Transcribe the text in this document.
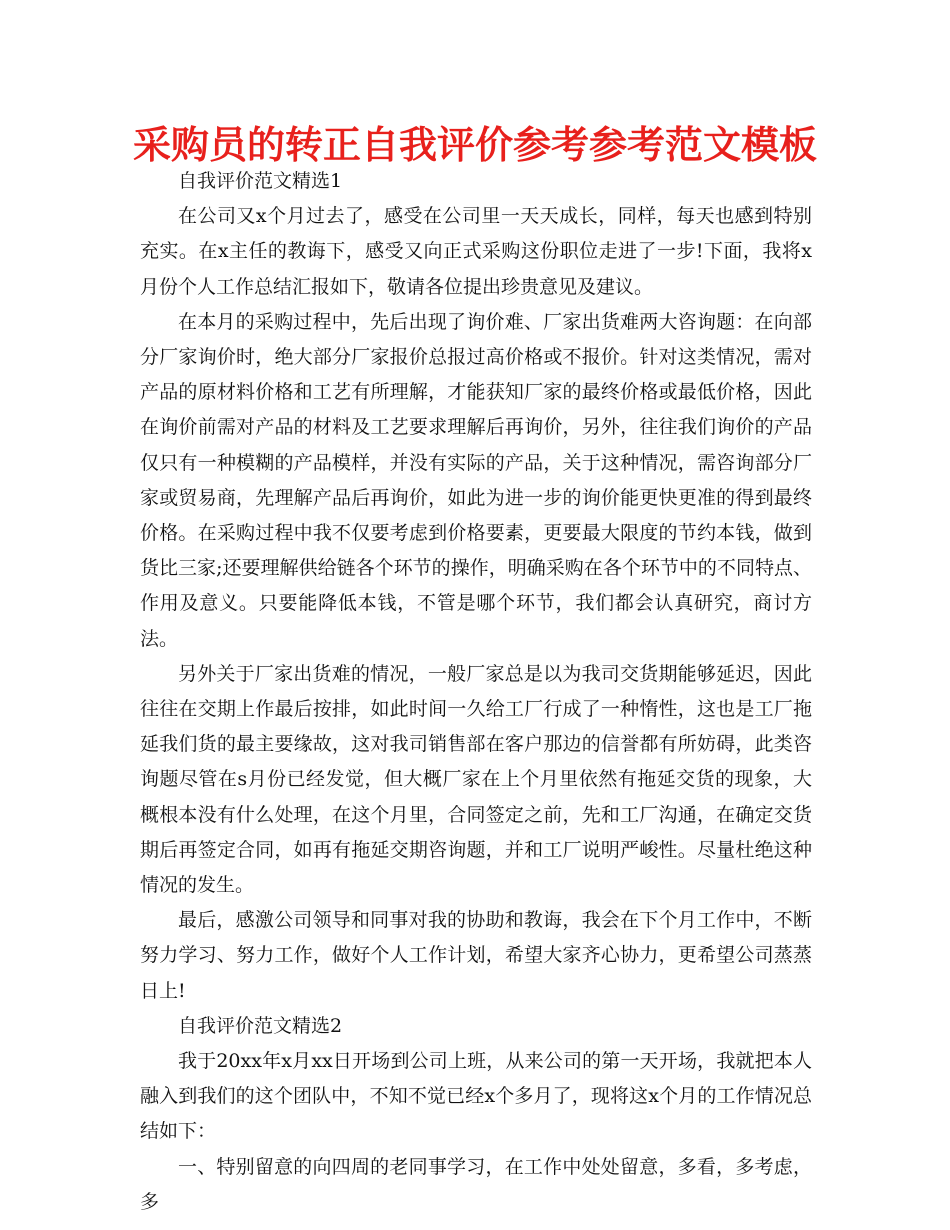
采购员的转正自我评价参考参考范文模板

自我评价范文精选1

在公司又x个月过去了，感受在公司里一天天成长，同样，每天也感到特别充实。在x主任的教诲下，感受又向正式采购这份职位走进了一步!下面，我将x月份个人工作总结汇报如下，敬请各位提出珍贵意见及建议。

在本月的采购过程中，先后出现了询价难、厂家出货难两大咨询题：在向部分厂家询价时，绝大部分厂家报价总报过高价格或不报价。针对这类情况，需对产品的原材料价格和工艺有所理解，才能获知厂家的最终价格或最低价格，因此在询价前需对产品的材料及工艺要求理解后再询价，另外，往往我们询价的产品仅只有一种模糊的产品模样，并没有实际的产品，关于这种情况，需咨询部分厂家或贸易商，先理解产品后再询价，如此为进一步的询价能更快更准的得到最终价格。在采购过程中我不仅要考虑到价格要素，更要最大限度的节约本钱，做到货比三家;还要理解供给链各个环节的操作，明确采购在各个环节中的不同特点、作用及意义。只要能降低本钱，不管是哪个环节，我们都会认真研究，商讨方法。

另外关于厂家出货难的情况，一般厂家总是以为我司交货期能够延迟，因此往往在交期上作最后按排，如此时间一久给工厂行成了一种惰性，这也是工厂拖延我们货的最主要缘故，这对我司销售部在客户那边的信誉都有所妨碍，此类咨询题尽管在s月份已经发觉，但大概厂家在上个月里依然有拖延交货的现象，大概根本没有什么处理，在这个月里，合同签定之前，先和工厂沟通，在确定交货期后再签定合同，如再有拖延交期咨询题，并和工厂说明严峻性。尽量杜绝这种情况的发生。

最后，感激公司领导和同事对我的协助和教诲，我会在下个月工作中，不断努力学习、努力工作，做好个人工作计划，希望大家齐心协力，更希望公司蒸蒸日上!

自我评价范文精选2

我于20xx年x月xx日开场到公司上班，从来公司的第一天开场，我就把本人融入到我们的这个团队中，不知不觉已经x个多月了，现将这x个月的工作情况总结如下：

一、特别留意的向四周的老同事学习，在工作中处处留意，多看，多考虑，多
